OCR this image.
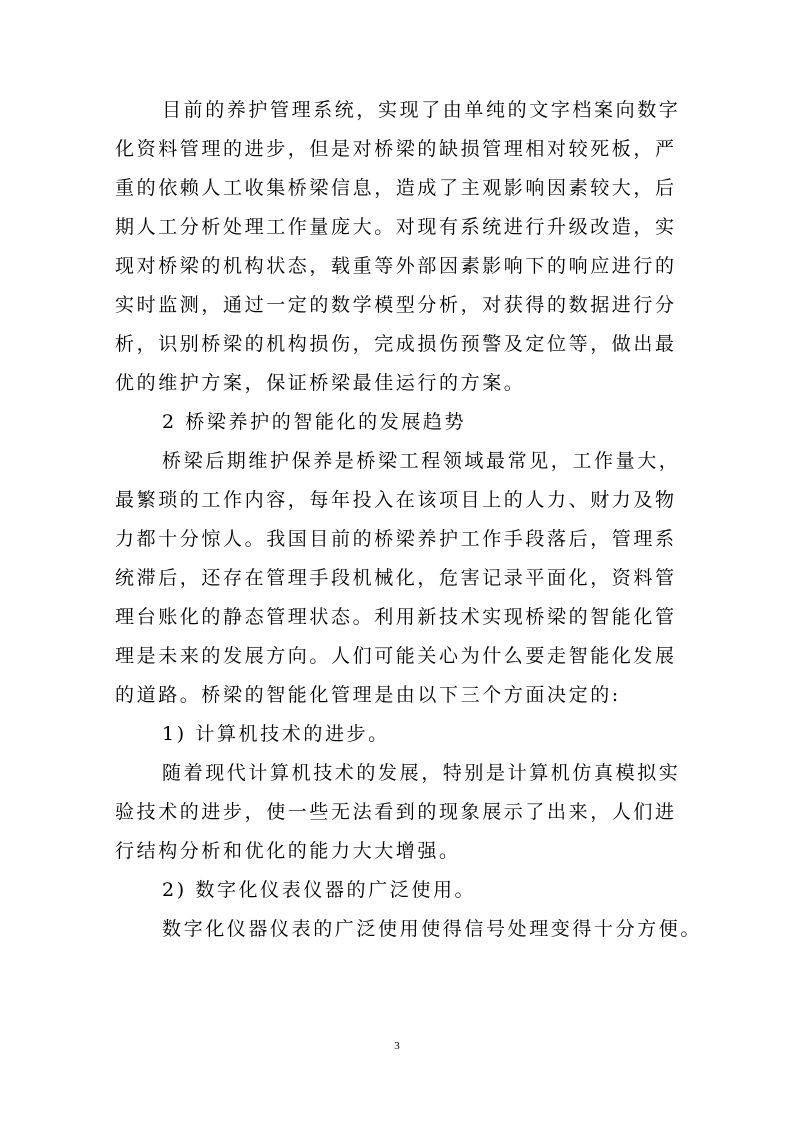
目前的养护管理系统，实现了由单纯的文字档案向数字
化资料管理的进步，但是对桥梁的缺损管理相对较死板，严
重的依赖人工收集桥梁信息，造成了主观影响因素较大，后
期人工分析处理工作量庞大。对现有系统进行升级改造，实
现对桥梁的机构状态，载重等外部因素影响下的响应进行的
实时监测，通过一定的数学模型分析，对获得的数据进行分
析，识别桥梁的机构损伤，完成损伤预警及定位等，做出最
优的维护方案，保证桥梁最佳运行的方案。
2 桥梁养护的智能化的发展趋势
桥梁后期维护保养是桥梁工程领域最常见，工作量大，
最繁琐的工作内容，每年投入在该项目上的人力、财力及物
力都十分惊人。我国目前的桥梁养护工作手段落后，管理系
统滞后，还存在管理手段机械化，危害记录平面化，资料管
理台账化的静态管理状态。利用新技术实现桥梁的智能化管
理是未来的发展方向。人们可能关心为什么要走智能化发展
的道路。桥梁的智能化管理是由以下三个方面决定的:
1) 计算机技术的进步。
随着现代计算机技术的发展，特别是计算机仿真模拟实
验技术的进步，使一些无法看到的现象展示了出来，人们进
行结构分析和优化的能力大大增强。
2) 数字化仪表仪器的广泛使用。
数字化仪器仪表的广泛使用使得信号处理变得十分方便。
3
